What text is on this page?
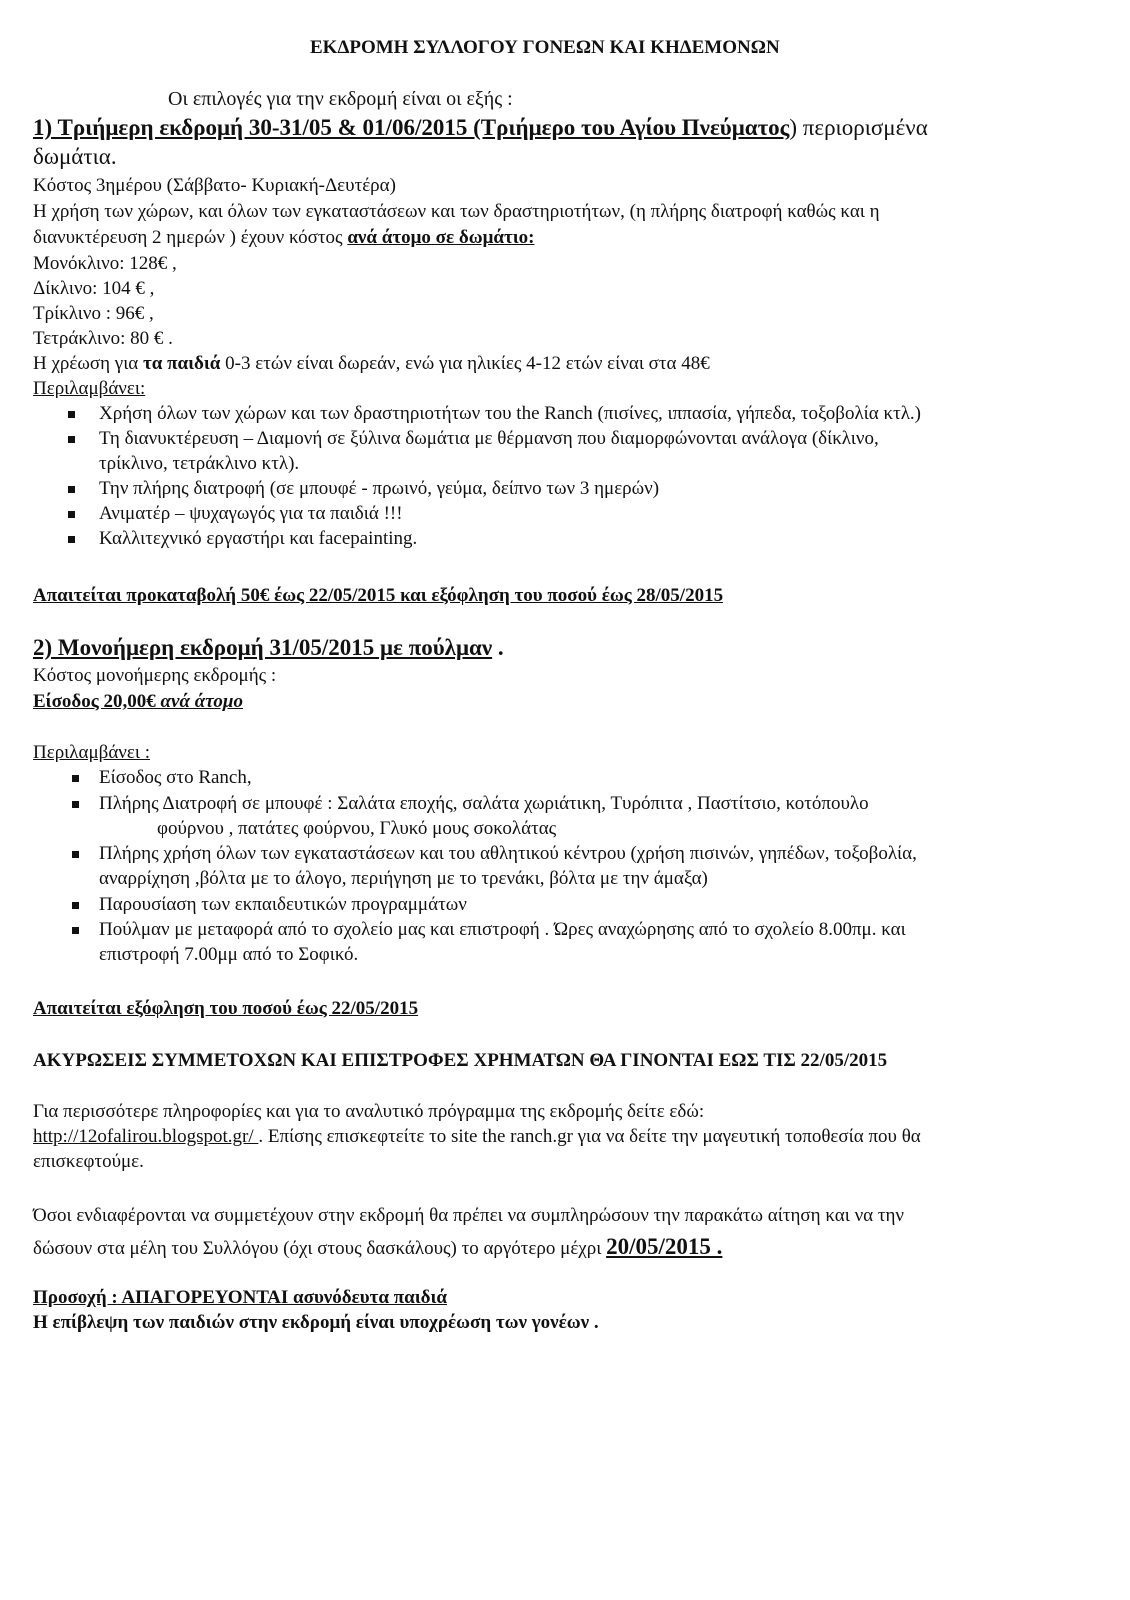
ΕΚΔΡΟΜΗ ΣΥΛΛΟΓΟΥ ΓΟΝΕΩΝ ΚΑΙ ΚΗΔΕΜΟΝΩΝ
Οι επιλογές για την εκδρομή είναι οι εξής :
1) Τριήμερη εκδρομή 30-31/05 & 01/06/2015 (Τριήμερο του Αγίου Πνεύματος) περιορισμένα
δωμάτια.
Κόστος 3ημέρου (Σάββατο- Κυριακή-Δευτέρα)
Η χρήση των χώρων, και όλων των εγκαταστάσεων και των δραστηριοτήτων, (η πλήρης διατροφή καθώς και η
διανυκτέρευση 2 ημερών ) έχουν κόστος ανά άτομο σε δωμάτιο:
Μονόκλινο: 128€ ,
Δίκλινο: 104 € ,
Τρίκλινο : 96€ ,
Τετράκλινο: 80 € .
Η χρέωση για τα παιδιά 0-3 ετών είναι δωρεάν, ενώ για ηλικίες 4-12 ετών είναι στα 48€
Περιλαμβάνει:
Χρήση όλων των χώρων και των δραστηριοτήτων του the Ranch (πισίνες, ιππασία, γήπεδα, τοξοβολία κτλ.)
Τη διανυκτέρευση – Διαμονή σε ξύλινα δωμάτια με θέρμανση που διαμορφώνονται ανάλογα (δίκλινο,
τρίκλινο, τετράκλινο κτλ).
Την πλήρης διατροφή (σε μπουφέ - πρωινό, γεύμα, δείπνο των 3 ημερών)
Ανιματέρ – ψυχαγωγός για τα παιδιά !!!
Καλλιτεχνικό εργαστήρι και facepainting.
Απαιτείται προκαταβολή 50€ έως 22/05/2015 και εξόφληση του ποσού έως 28/05/2015
2) Μονοήμερη εκδρομή 31/05/2015 με πούλμαν .
Κόστος μονοήμερης εκδρομής :
Είσοδος 20,00€ ανά άτομο
Περιλαμβάνει :
Είσοδος στο Ranch,
Πλήρης Διατροφή σε μπουφέ : Σαλάτα εποχής, σαλάτα χωριάτικη, Τυρόπιτα , Παστίτσιο, κοτόπουλο
φούρνου , πατάτες φούρνου, Γλυκό μους σοκολάτας
Πλήρης χρήση όλων των εγκαταστάσεων και του αθλητικού κέντρου (χρήση πισινών, γηπέδων, τοξοβολία,
αναρρίχηση ,βόλτα με το άλογο, περιήγηση με το τρενάκι, βόλτα με την άμαξα)
Παρουσίαση των εκπαιδευτικών προγραμμάτων
Πούλμαν με μεταφορά από το σχολείο μας και επιστροφή . Ώρες αναχώρησης από το σχολείο 8.00πμ. και
επιστροφή 7.00μμ από το Σοφικό.
Απαιτείται εξόφληση του ποσού έως 22/05/2015
ΑΚΥΡΩΣΕΙΣ ΣΥΜΜΕΤΟΧΩΝ ΚΑΙ ΕΠΙΣΤΡΟΦΕΣ ΧΡΗΜΑΤΩΝ ΘΑ ΓΙΝΟΝΤΑΙ ΕΩΣ ΤΙΣ 22/05/2015
Για περισσότερε πληροφορίες και για το αναλυτικό πρόγραμμα της εκδρομής δείτε εδώ:
http://12ofalirou.blogspot.gr/ . Επίσης επισκεφτείτε το site the ranch.gr για να δείτε την μαγευτική τοποθεσία που θα
επισκεφτούμε.
Όσοι ενδιαφέρονται να συμμετέχουν στην εκδρομή θα πρέπει να συμπληρώσουν την παρακάτω αίτηση και να την
δώσουν στα μέλη του Συλλόγου (όχι στους δασκάλους) το αργότερο μέχρι 20/05/2015 .
Προσοχή : ΑΠΑΓΟΡΕΥΟΝΤΑΙ ασυνόδευτα παιδιά
Η επίβλεψη των παιδιών στην εκδρομή είναι υποχρέωση των γονέων .
